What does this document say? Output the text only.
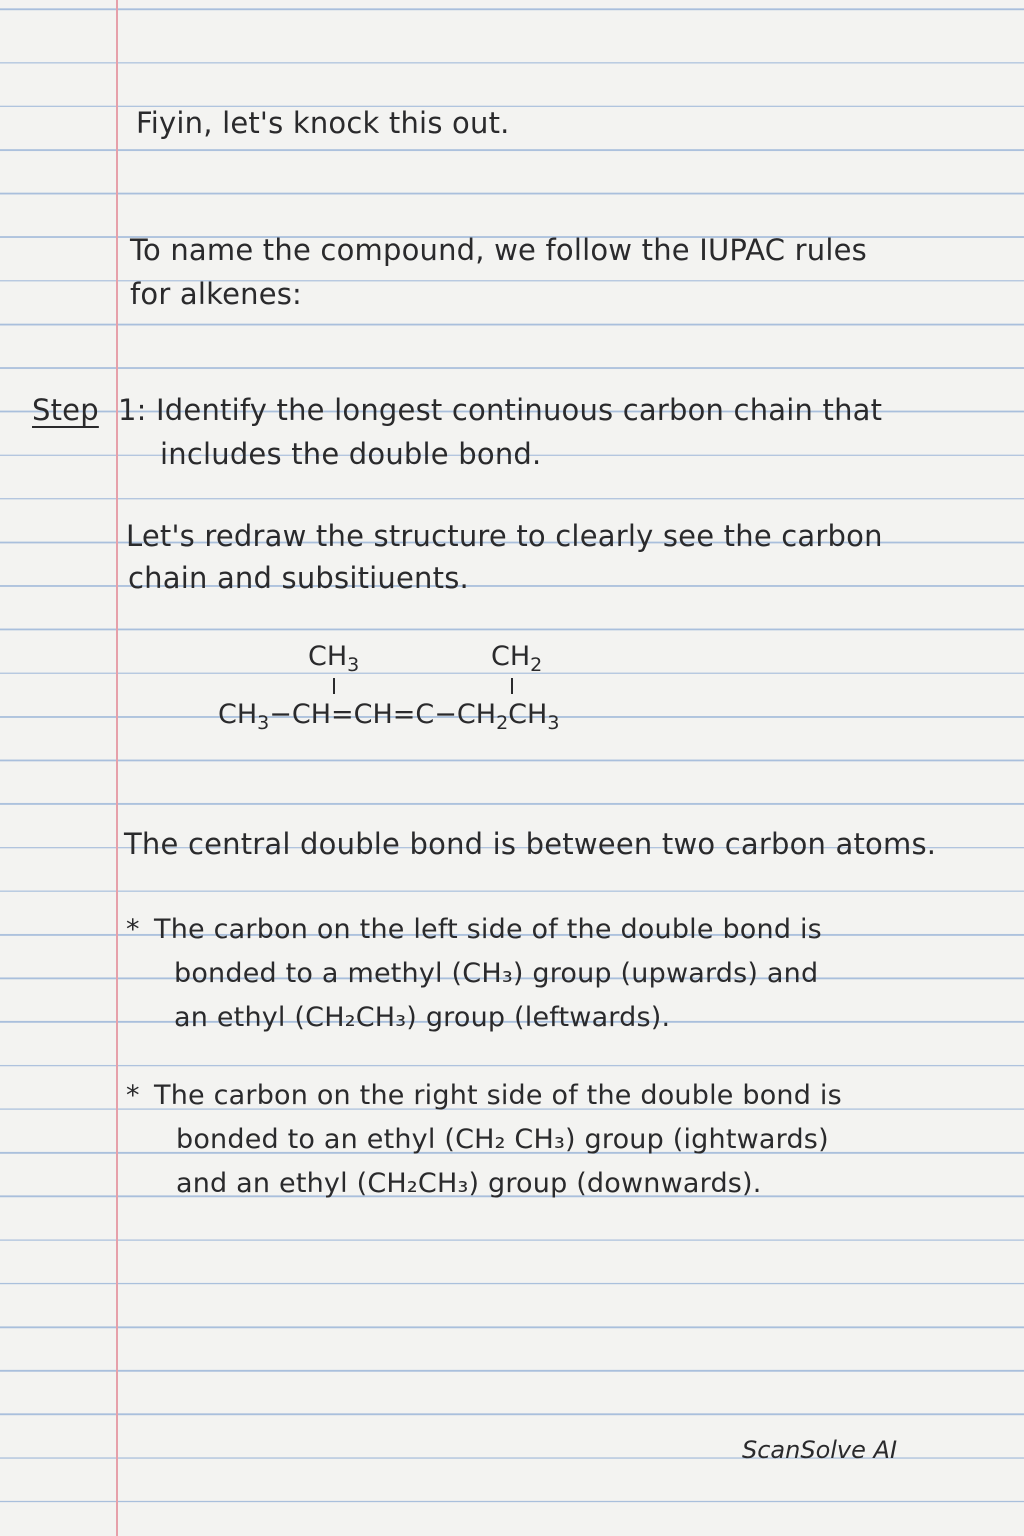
Fiyin, let's knock this out.
To name the compound, we follow the IUPAC rules
for alkenes:
Step 1: Identify the longest continuous carbon chain that
includes the double bond.
Let's redraw the structure to clearly see the carbon
chain and subsitiuents.
$CH_3$	$CH_2$
$CH_3-CH=CH=C-CH_2CH_3$
The central double bond is between two carbon atoms.
* The carbon on the left side of the double bond is
bonded to a methyl (CH₃) group (upwards) and
an ethyl (CH₂CH₃) group (leftwards).
* The carbon on the right side of the double bond is
bonded to an ethyl (CH₂ CH₃) group (ightwards)
and an ethyl (CH₂CH₃) group (downwards).
ScanSolve AI
